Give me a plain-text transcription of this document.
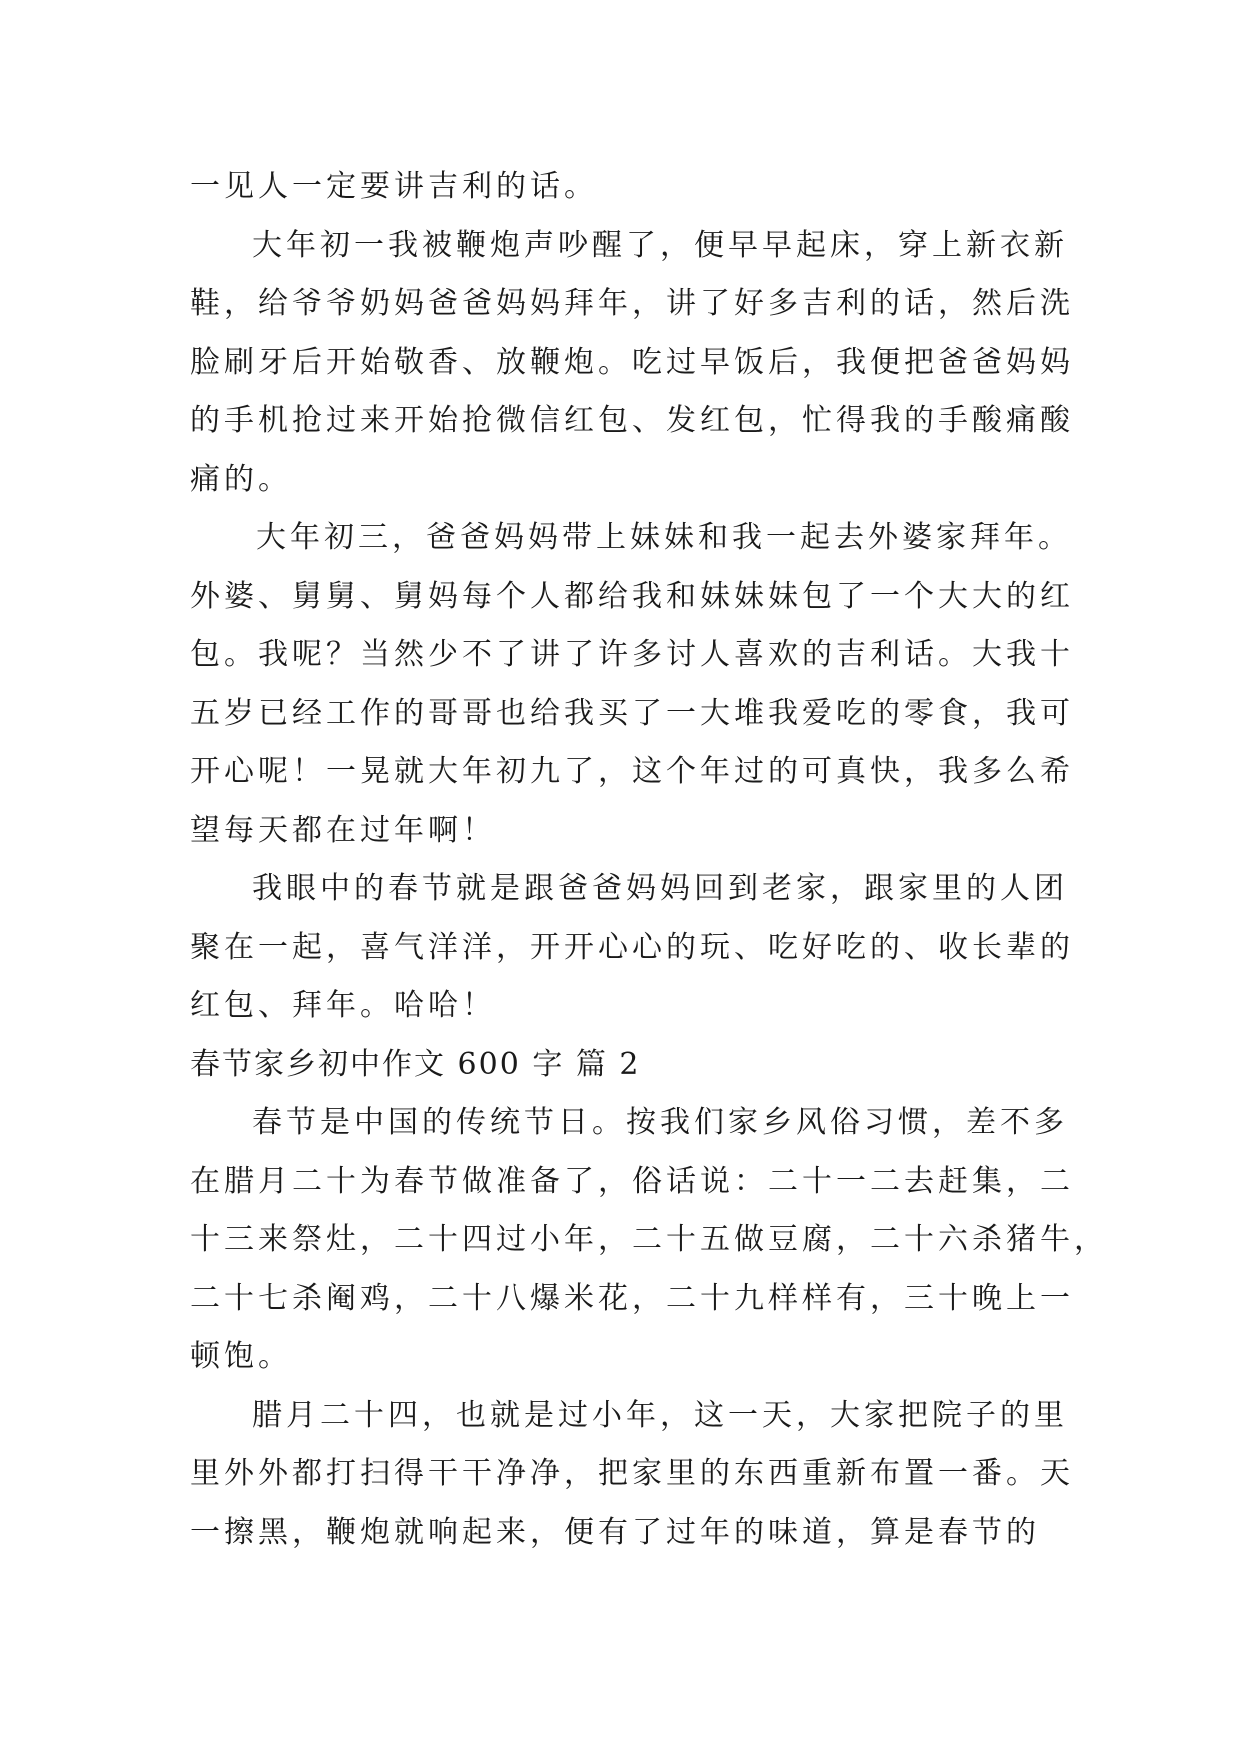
一见人一定要讲吉利的话。
大年初一我被鞭炮声吵醒了，便早早起床，穿上新衣新
鞋，给爷爷奶妈爸爸妈妈拜年，讲了好多吉利的话，然后洗
脸刷牙后开始敬香、放鞭炮。吃过早饭后，我便把爸爸妈妈
的手机抢过来开始抢微信红包、发红包，忙得我的手酸痛酸
痛的。
大年初三，爸爸妈妈带上妹妹和我一起去外婆家拜年。
外婆、舅舅、舅妈每个人都给我和妹妹妹包了一个大大的红
包。我呢？当然少不了讲了许多讨人喜欢的吉利话。大我十
五岁已经工作的哥哥也给我买了一大堆我爱吃的零食，我可
开心呢！一晃就大年初九了，这个年过的可真快，我多么希
望每天都在过年啊！
我眼中的春节就是跟爸爸妈妈回到老家，跟家里的人团
聚在一起，喜气洋洋，开开心心的玩、吃好吃的、收长辈的
红包、拜年。哈哈！
春节家乡初中作文 600 字 篇 2
春节是中国的传统节日。按我们家乡风俗习惯，差不多
在腊月二十为春节做准备了，俗话说：二十一二去赶集，二
十三来祭灶，二十四过小年，二十五做豆腐，二十六杀猪牛，
二十七杀阉鸡，二十八爆米花，二十九样样有，三十晚上一
顿饱。
腊月二十四，也就是过小年，这一天，大家把院子的里
里外外都打扫得干干净净，把家里的东西重新布置一番。天
一擦黑，鞭炮就响起来，便有了过年的味道，算是春节的
